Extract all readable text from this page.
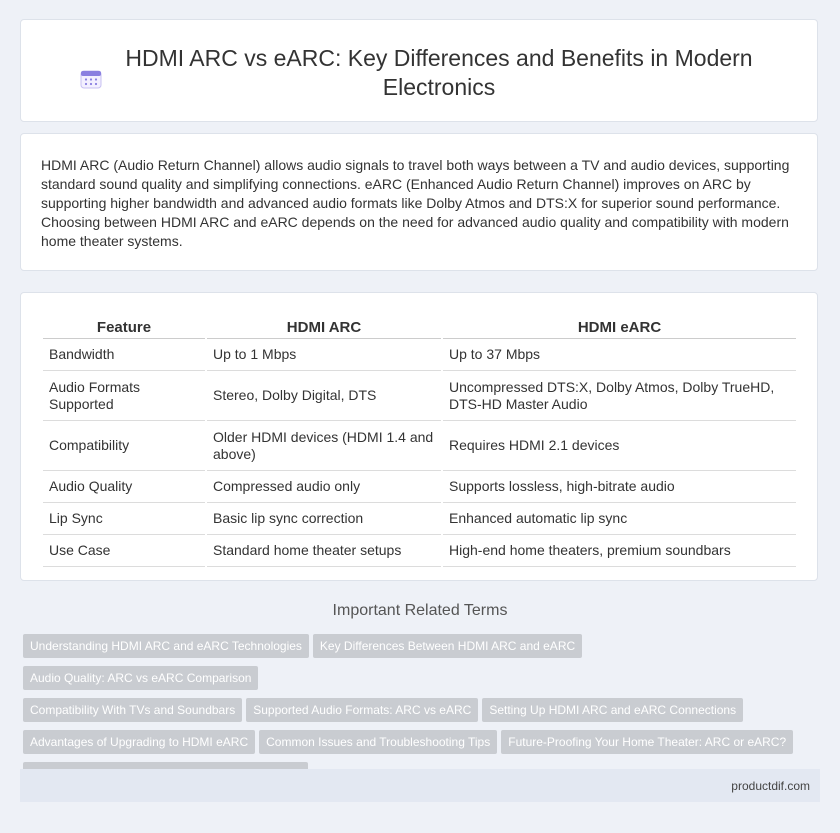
HDMI ARC vs eARC: Key Differences and Benefits in Modern Electronics

HDMI ARC (Audio Return Channel) allows audio signals to travel both ways between a TV and audio devices, supporting standard sound quality and simplifying connections. eARC (Enhanced Audio Return Channel) improves on ARC by supporting higher bandwidth and advanced audio formats like Dolby Atmos and DTS:X for superior sound performance. Choosing between HDMI ARC and eARC depends on the need for advanced audio quality and compatibility with modern home theater systems.

Feature	HDMI ARC	HDMI eARC
Bandwidth	Up to 1 Mbps	Up to 37 Mbps
Audio Formats Supported	Stereo, Dolby Digital, DTS	Uncompressed DTS:X, Dolby Atmos, Dolby TrueHD, DTS-HD Master Audio
Compatibility	Older HDMI devices (HDMI 1.4 and above)	Requires HDMI 2.1 devices
Audio Quality	Compressed audio only	Supports lossless, high-bitrate audio
Lip Sync	Basic lip sync correction	Enhanced automatic lip sync
Use Case	Standard home theater setups	High-end home theaters, premium soundbars
Important Related Terms
Understanding HDMI ARC and eARC Technologies Key Differences Between HDMI ARC and eARCAudio Quality: ARC vs eARC Comparison
Compatibility With TVs and Soundbars Supported Audio Formats: ARC vs eARC Setting Up HDMI ARC and eARC Connections
Advantages of Upgrading to HDMI eARC Common Issues and Troubleshooting Tips Future-Proofing Your Home Theater: ARC or eARC?

productdif.com
